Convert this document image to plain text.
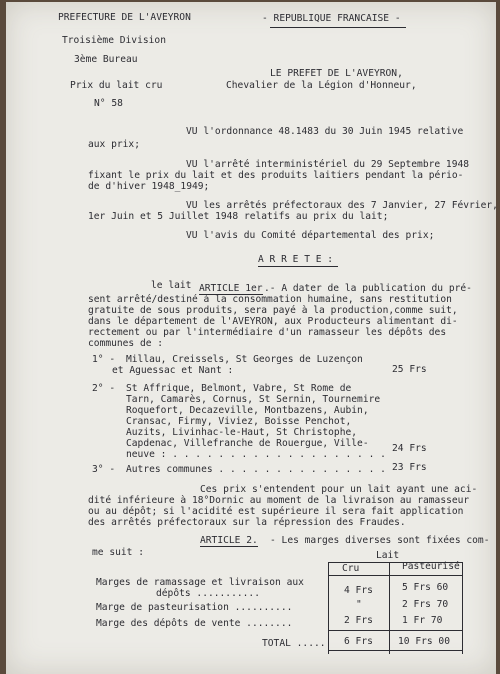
PREFECTURE DE L'AVEYRON
Troisième Division
3ème Bureau
Prix du lait cru
N° 58
- REPUBLIQUE FRANCAISE -
LE PREFET DE L'AVEYRON,
Chevalier de la Légion d'Honneur,
VU l'ordonnance 48.1483 du 30 Juin 1945 relative
aux prix;
VU l'arrêté interministériel du 29 Septembre 1948
fixant le prix du lait et des produits laitiers pendant la pério-
de d'hiver 1948_1949;
VU les arrêtés préfectoraux des 7 Janvier, 27 Février,
1er Juin et 5 Juillet 1948 relatifs au prix du lait;
VU l'avis du Comité départemental des prix;
A R R E T E :
le lait ARTICLE 1er .- A dater de la publication du pré-
sent arrêté/destiné à la consommation humaine, sans restitution
gratuite de sous produits, sera payé à la production,comme suit,
dans le département de l'AVEYRON, aux Producteurs alimentant di-
rectement ou par l'intermédiaire d'un ramasseur les dépôts des
communes de :
1° - Millau, Creissels, St Georges de Luzençon
et Aguessac et Nant :	25 Frs
2° - St Affrique, Belmont, Vabre, St Rome de
Tarn, Camarès, Cornus, St Sernin, Tournemire
Roquefort, Decazeville, Montbazens, Aubin,
Cransac, Firmy, Viviez, Boisse Penchot,
Auzits, Livinhac-le-Haut, St Christophe,
Capdenac, Villefranche de Rouergue, Ville-
neuve : . . . . . . . . . . . . . . . . . . .
24 Frs
3° - Autres communes . . . . . . . . . . . . . . . 23 Frs
Ces prix s'entendent pour un lait ayant une aci-
dité inférieure à 18°Dornic au moment de la livraison au ramasseur
ou au dépôt; si l'acidité est supérieure il sera fait application
des arrêtés préfectoraux sur la répression des Fraudes.
ARTICLE 2. - Les marges diverses sont fixées com-
me suit :	Lait
Cru	Pasteurisé
Marges de ramassage et livraison aux
dépôts ...........	4 Frs	5 Frs 60
Marge de pasteurisation ..........	"	2 Frs 70
Marge des dépôts de vente ........	2 Frs	1 Fr 70
TOTAL ..... 6 Frs	10 Frs 00
